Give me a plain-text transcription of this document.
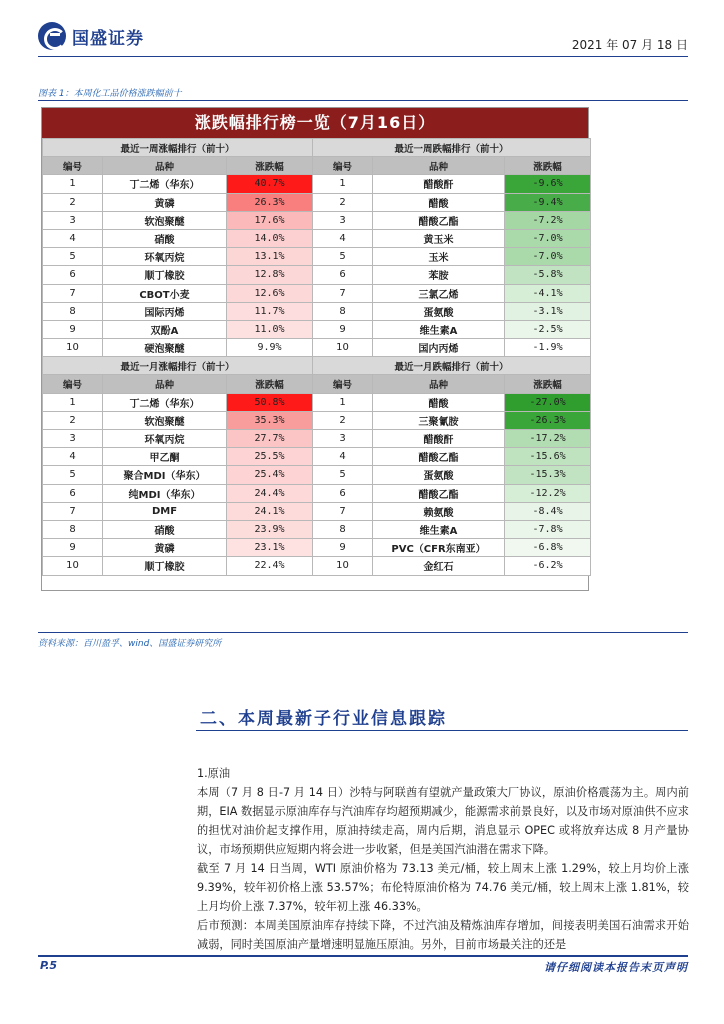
国盛证券	2021 年 07 月 18 日
图表 1：本周化工品价格涨跌幅前十
涨跌幅排行榜一览（7月16日）
最近一周涨幅排行（前十）			最近一周跌幅排行（前十）		
编号	品种	涨跌幅	编号	品种	涨跌幅
1	丁二烯（华东）	40.7%	1	醋酸酐	-9.6%
2	黄磷	26.3%	2	醋酸	-9.4%
3	软泡聚醚	17.6%	3	醋酸乙酯	-7.2%
4	硝酸	14.0%	4	黄玉米	-7.0%
5	环氧丙烷	13.1%	5	玉米	-7.0%
6	顺丁橡胶	12.8%	6	苯胺	-5.8%
7	CBOT小麦	12.6%	7	三氯乙烯	-4.1%
8	国际丙烯	11.7%	8	蛋氨酸	-3.1%
9	双酚A	11.0%	9	维生素A	-2.5%
10	硬泡聚醚	9.9%	10	国内丙烯	-1.9%
最近一月涨幅排行（前十）			最近一月跌幅排行（前十）		
编号	品种	涨跌幅	编号	品种	涨跌幅
1	丁二烯（华东）	50.8%	1	醋酸	-27.0%
2	软泡聚醚	35.3%	2	三聚氰胺	-26.3%
3	环氧丙烷	27.7%	3	醋酸酐	-17.2%
4	甲乙酮	25.5%	4	醋酸乙酯	-15.6%
5	聚合MDI（华东）	25.4%	5	蛋氨酸	-15.3%
6	纯MDI（华东）	24.4%	6	醋酸乙酯	-12.2%
7	DMF	24.1%	7	赖氨酸	-8.4%
8	硝酸	23.9%	8	维生素A	-7.8%
9	黄磷	23.1%	9	PVC（CFR东南亚）	-6.8%
10	顺丁橡胶	22.4%	10	金红石	-6.2%
资料来源：百川盈孚、wind、国盛证券研究所
二、本周最新子行业信息跟踪

1.原油

本周（7 月 8 日-7 月 14 日）沙特与阿联酋有望就产量政策大厂协议，原油价格震荡为主。周内前期，EIA 数据显示原油库存与汽油库存均超预期减少，能源需求前景良好，以及市场对原油供不应求的担忧对油价起支撑作用，原油持续走高，周内后期，消息显示 OPEC 或将放弃达成 8 月产量协议，市场预期供应短期内将会进一步收紧，但是美国汽油潜在需求下降。

截至 7 月 14 日当周，WTI 原油价格为 73.13 美元/桶，较上周末上涨 1.29%，较上月均价上涨 9.39%，较年初价格上涨 53.57%；布伦特原油价格为 74.76 美元/桶，较上周末上涨 1.81%，较上月均价上涨 7.37%，较年初上涨 46.33%。

后市预测：本周美国原油库存持续下降，不过汽油及精炼油库存增加，间接表明美国石油需求开始减弱，同时美国原油产量增速明显施压原油。另外，目前市场最关注的还是

P.5	请仔细阅读本报告末页声明
